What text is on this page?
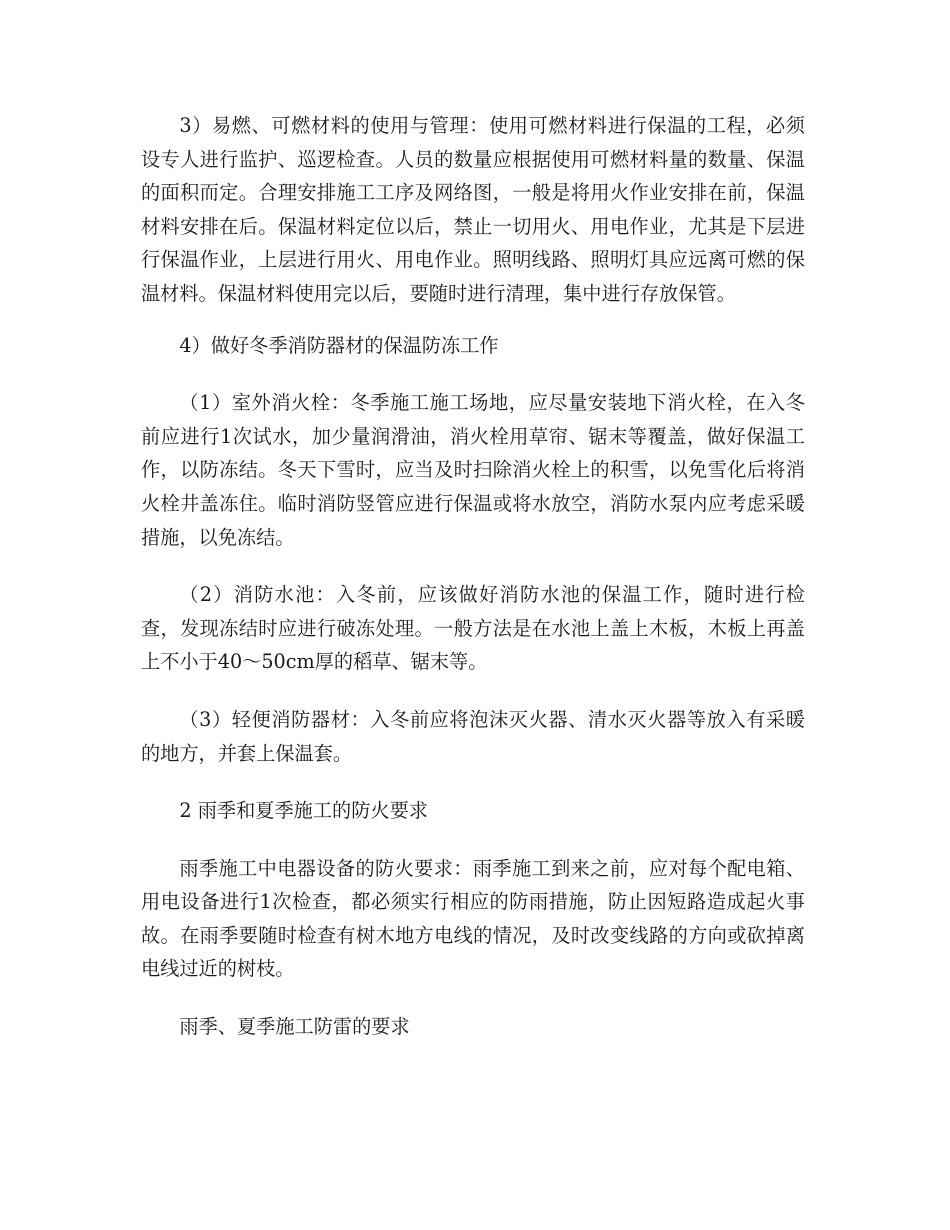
3）易燃、可燃材料的使用与管理：使用可燃材料进行保温的工程，必须设专人进行监护、巡逻检查。人员的数量应根据使用可燃材料量的数量、保温的面积而定。合理安排施工工序及网络图，一般是将用火作业安排在前，保温材料安排在后。保温材料定位以后，禁止一切用火、用电作业，尤其是下层进行保温作业，上层进行用火、用电作业。照明线路、照明灯具应远离可燃的保温材料。保温材料使用完以后，要随时进行清理，集中进行存放保管。

4）做好冬季消防器材的保温防冻工作

（1）室外消火栓：冬季施工施工场地，应尽量安装地下消火栓，在入冬前应进行1次试水，加少量润滑油，消火栓用草帘、锯末等覆盖，做好保温工作，以防冻结。冬天下雪时，应当及时扫除消火栓上的积雪，以免雪化后将消火栓井盖冻住。临时消防竖管应进行保温或将水放空，消防水泵内应考虑采暖措施，以免冻结。

（2）消防水池：入冬前，应该做好消防水池的保温工作，随时进行检查，发现冻结时应进行破冻处理。一般方法是在水池上盖上木板，木板上再盖上不小于40～50cm厚的稻草、锯末等。

（3）轻便消防器材：入冬前应将泡沫灭火器、清水灭火器等放入有采暖的地方，并套上保温套。

2 雨季和夏季施工的防火要求

雨季施工中电器设备的防火要求：雨季施工到来之前，应对每个配电箱、用电设备进行1次检查，都必须实行相应的防雨措施，防止因短路造成起火事故。在雨季要随时检查有树木地方电线的情况，及时改变线路的方向或砍掉离电线过近的树枝。

雨季、夏季施工防雷的要求
